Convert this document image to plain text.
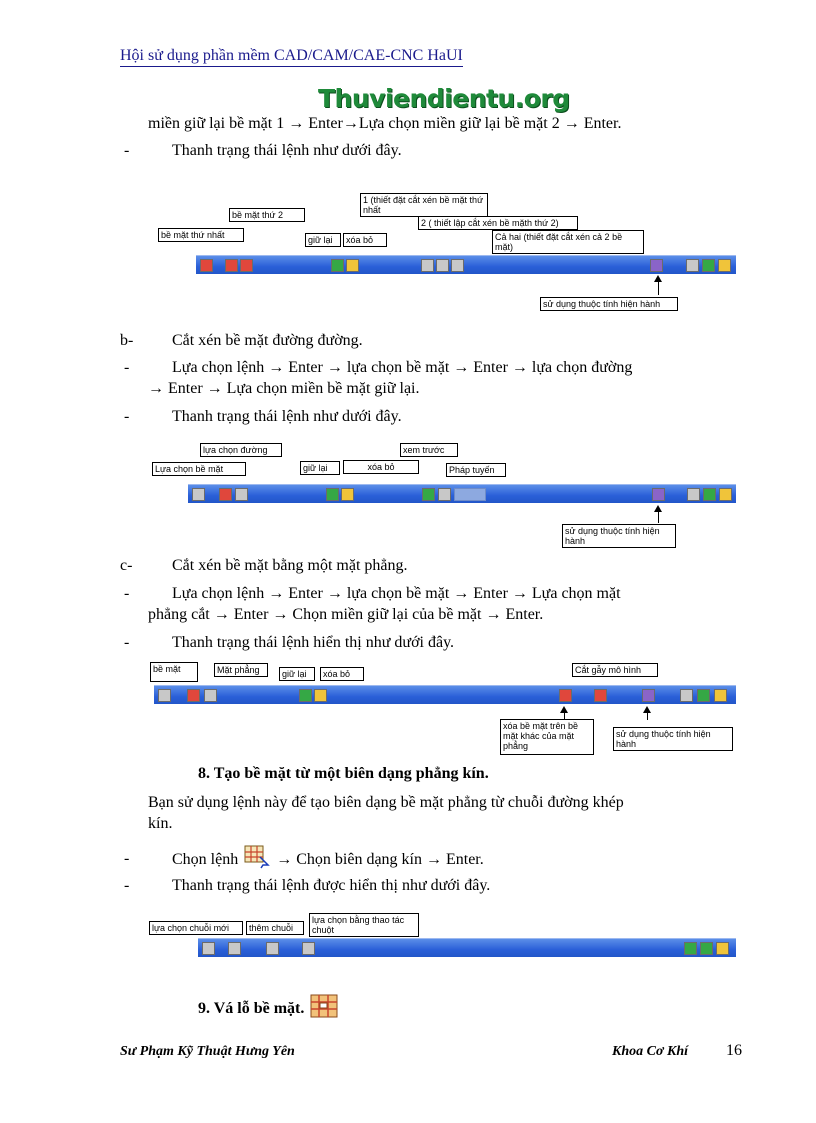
Hội sử dụng phần mềm CAD/CAM/CAE-CNC HaUI
Thuviendientu.org
miền giữ lại bề mặt 1 → Enter→Lựa chọn miền giữ lại bề mặt 2 → Enter.
-	Thanh trạng thái lệnh như dưới đây.
1 (thiết đặt cắt xén bề mặt thứ nhất
bề mặt thứ 2
2 ( thiết lập cắt xén bề mặth thứ 2)
bề mặt thứ nhất	Cả hai (thiết đặt cắt xén cả 2 bề mặt)
giữ lại	xóa bỏ
sử dụng thuộc tính hiện hành
b- Cắt xén bề mặt đường đường.
-	Lựa chọn lệnh → Enter → lựa chọn bề mặt → Enter → lựa chọn đường
→ Enter → Lựa chọn miền bề mặt giữ lại.
-	Thanh trạng thái lệnh như dưới đây.
lựa chọn đường	xem trước
Lựa chọn bề mặt	giữ lại	xóa bỏ	Pháp tuyến
sử dụng thuộc tính hiện hành
c- Cắt xén bề mặt bằng một mặt phẳng.
-	Lựa chọn lệnh → Enter → lựa chọn bề mặt → Enter → Lựa chọn mặt
phẳng cắt → Enter → Chọn miền giữ lại của bề mặt → Enter.
-	Thanh trạng thái lệnh hiển thị như dưới đây.
bề mặt	Mặt phẳng	giữ lại	xóa bỏ	Cắt gẫy mô hình
xóa bề mặt trên bề mặt khác của mặt phẳng
sử dụng thuộc tính hiện hành
8. Tạo bề mặt từ một biên dạng phẳng kín.
Bạn sử dụng lệnh này để tạo biên dạng bề mặt phẳng từ chuỗi đường khép
kín.
-	Chọn lệnh → Chọn biên dạng kín → Enter.
-	Thanh trạng thái lệnh được hiển thị như dưới đây.
lựa chọn bằng thao tác chuột
lựa chọn chuỗi mới	thêm chuỗi
9. Vá lỗ bề mặt.
Sư Phạm Kỹ Thuật Hưng Yên	Khoa Cơ Khí 16
